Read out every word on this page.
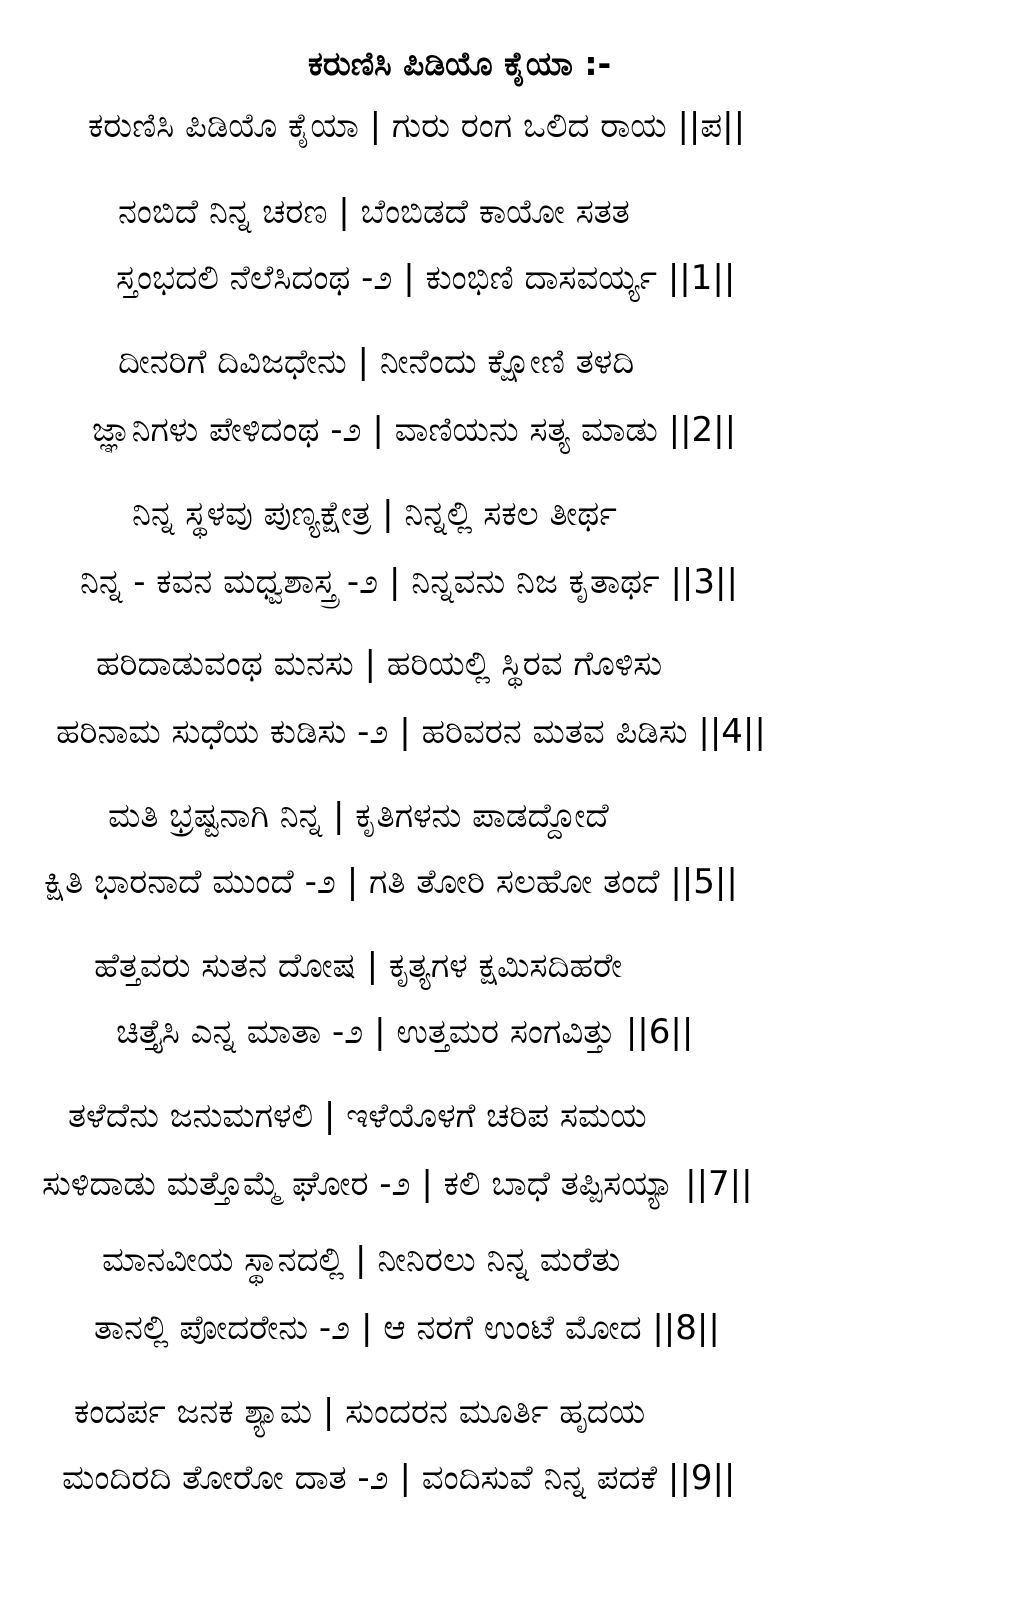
ಕರುಣಿಸಿ ಪಿಡಿಯೊ ಕೈಯಾ :-
ಕರುಣಿಸಿ ಪಿಡಿಯೊ ಕೈಯಾ | ಗುರು ರಂಗ ಒಲಿದ ರಾಯ ||ಪ||
ನಂಬಿದೆ ನಿನ್ನ ಚರಣ | ಬೆಂಬಿಡದೆ ಕಾಯೋ ಸತತ
ಸ್ತಂಭದಲಿ ನೆಲೆಸಿದಂಥ -೨ | ಕುಂಭಿಣಿ ದಾಸವರ್ಯ್ಯ ||1||
ದೀನರಿಗೆ ದಿವಿಜಧೇನು | ನೀನೆಂದು ಕ್ಷೋಣಿ ತಳದಿ
ಜ್ಞಾನಿಗಳು ಪೇಳಿದಂಥ -೨ | ವಾಣಿಯನು ಸತ್ಯ ಮಾಡು ||2||
ನಿನ್ನ ಸ್ಥಳವು ಪುಣ್ಯಕ್ಷೇತ್ರ | ನಿನ್ನಲ್ಲಿ ಸಕಲ ತೀರ್ಥ
ನಿನ್ನ - ಕವನ ಮಧ್ವಶಾಸ್ತ್ರ -೨ | ನಿನ್ನವನು ನಿಜ ಕೃತಾರ್ಥ ||3||
ಹರಿದಾಡುವಂಥ ಮನಸು | ಹರಿಯಲ್ಲಿ ಸ್ಥಿರವ ಗೊಳಿಸು
ಹರಿನಾಮ ಸುಧೆಯ ಕುಡಿಸು -೨ | ಹರಿವರನ ಮತವ ಪಿಡಿಸು ||4||
ಮತಿ ಭ್ರಷ್ಟನಾಗಿ ನಿನ್ನ | ಕೃತಿಗಳನು ಪಾಡದ್ದೋದೆ
ಕ್ಷಿತಿ ಭಾರನಾದೆ ಮುಂದೆ -೨ | ಗತಿ ತೋರಿ ಸಲಹೋ ತಂದೆ ||5||
ಹೆತ್ತವರು ಸುತನ ದೋಷ | ಕೃತ್ಯಗಳ ಕ್ಷಮಿಸದಿಹರೇ
ಚಿತ್ತೈಸಿ ಎನ್ನ ಮಾತಾ -೨ | ಉತ್ತಮರ ಸಂಗವಿತ್ತು ||6||
ತಳೆದೆನು ಜನುಮಗಳಲಿ | ಇಳೆಯೊಳಗೆ ಚರಿಪ ಸಮಯ
ಸುಳಿದಾಡು ಮತ್ತೊಮ್ಮೆ ಘೋರ -೨ | ಕಲಿ ಬಾಧೆ ತಪ್ಪಿಸಯ್ಯಾ ||7||
ಮಾನವೀಯ ಸ್ಥಾನದಲ್ಲಿ | ನೀನಿರಲು ನಿನ್ನ ಮರೆತು
ತಾನಲ್ಲಿ ಪೋದರೇನು -೨ | ಆ ನರಗೆ ಉಂಟೆ ಮೋದ ||8||
ಕಂದರ್ಪ ಜನಕ ಶ್ಯಾಮ | ಸುಂದರನ ಮೂರ್ತಿ ಹೃದಯ
ಮಂದಿರದಿ ತೋರೋ ದಾತ -೨ | ವಂದಿಸುವೆ ನಿನ್ನ ಪದಕೆ ||9||
